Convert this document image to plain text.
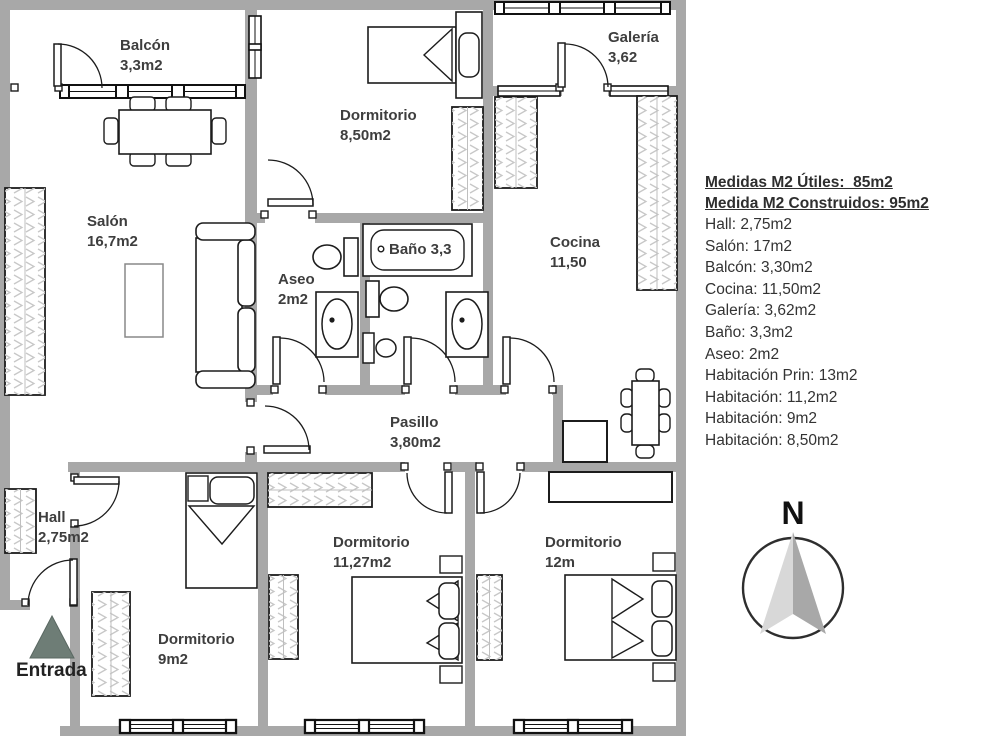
N
Balcón
3,3m2
Dormitorio
8,50m2
Galería
3,62
Salón
16,7m2
Aseo
2m2
Baño 3,3	Cocina
11,50
Pasillo
3,80m2
Hall
2,75m2
Dormitorio
9m2
Dormitorio
11,27m2
Dormitorio
12m
Entrada
Medidas M2 Útiles:  85m2
Medida M2 Construidos: 95m2
Hall: 2,75m2
Salón: 17m2
Balcón: 3,30m2
Cocina: 11,50m2
Galería: 3,62m2
Baño: 3,3m2
Aseo: 2m2
Habitación Prin: 13m2
Habitación: 11,2m2
Habitación: 9m2
Habitación: 8,50m2
